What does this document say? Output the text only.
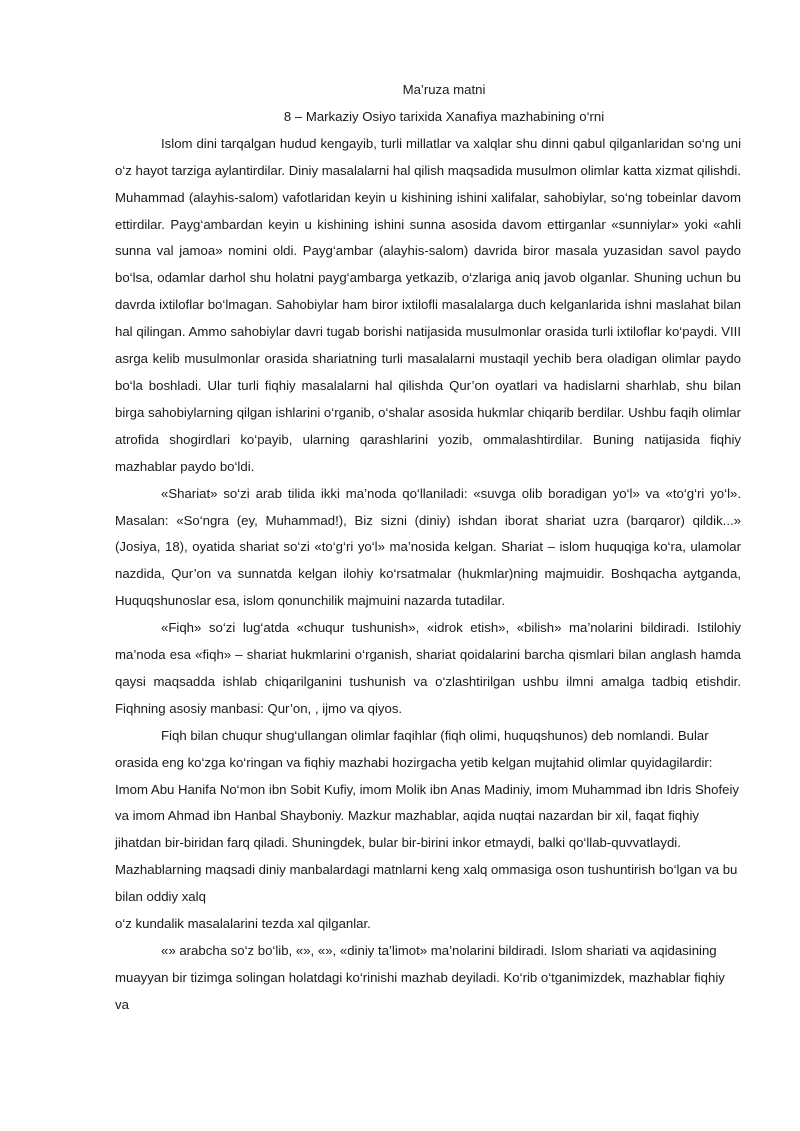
Ma’ruza matni

8 – Markaziy Osiyo tarixida Xanafiya mazhabining o‘rni

Islom dini tarqalgan hudud kengayib, turli millatlar va xalqlar shu dinni qabul qilganlaridan so‘ng uni o‘z hayot tarziga aylantirdilar. Diniy masalalarni hal qilish maqsadida musulmon olimlar katta xizmat qilishdi. Muhammad (alayhis-salom) vafotlaridan keyin u kishining ishini xalifalar, sahobiylar, so‘ng tobeinlar davom ettirdilar. Payg‘ambardan keyin u kishining ishini sunna asosida davom ettirganlar «sunniylar» yoki «ahli sunna val jamoa» nomini oldi. Payg‘ambar (alayhis-salom) davrida biror masala yuzasidan savol paydo bo‘lsa, odamlar darhol shu holatni payg‘ambarga yetkazib, o‘zlariga aniq javob olganlar. Shuning uchun bu davrda ixtiloflar bo‘lmagan. Sahobiylar ham biror ixtilofli masalalarga duch kelganlarida ishni maslahat bilan hal qilingan. Ammo sahobiylar davri tugab borishi natijasida musulmonlar orasida turli ixtiloflar ko‘paydi. VIII asrga kelib musulmonlar orasida shariatning turli masalalarni mustaqil yechib bera oladigan olimlar paydo bo‘la boshladi. Ular turli fiqhiy masalalarni hal qilishda Qur’on oyatlari va hadislarni sharhlab, shu bilan birga sahobiylarning qilgan ishlarini o‘rganib, o‘shalar asosida hukmlar chiqarib berdilar. Ushbu faqih olimlar atrofida shogirdlari ko‘payib, ularning qarashlarini yozib, ommalashtirdilar. Buning natijasida fiqhiy mazhablar paydo bo‘ldi.

«Shariat» so‘zi arab tilida ikki ma’noda qo‘llaniladi: «suvga olib boradigan yo‘l» va «to‘g‘ri yo‘l». Masalan: «So‘ngra (ey, Muhammad!), Biz sizni (diniy) ishdan iborat shariat uzra (barqaror) qildik...» (Josiya, 18), oyatida shariat so‘zi «to‘g‘ri yo‘l» ma’nosida kelgan. Shariat – islom huquqiga ko‘ra, ulamolar nazdida, Qur’on va sunnatda kelgan ilohiy ko‘rsatmalar (hukmlar)ning majmuidir. Boshqacha aytganda, Huquqshunoslar esa, islom qonunchilik majmuini nazarda tutadilar.

«Fiqh» so‘zi lug‘atda «chuqur tushunish», «idrok etish», «bilish» ma’nolarini bildiradi. Istilohiy ma’noda esa «fiqh» – shariat hukmlarini o‘rganish, shariat qoidalarini barcha qismlari bilan anglash hamda qaysi maqsadda ishlab chiqarilganini tushunish va o‘zlashtirilgan ushbu ilmni amalga tadbiq etishdir. Fiqhning asosiy manbasi: Qur’on, , ijmo va qiyos.

Fiqh bilan chuqur shug‘ullangan olimlar faqihlar (fiqh olimi, huquqshunos) deb nomlandi. Bular orasida eng ko‘zga ko‘ringan va fiqhiy mazhabi hozirgacha yetib kelgan mujtahid olimlar quyidagilardir: Imom Abu Hanifa No‘mon ibn Sobit Kufiy, imom Molik ibn Anas Madiniy, imom Muhammad ibn Idris Shofeiy va imom Ahmad ibn Hanbal Shayboniy. Mazkur mazhablar, aqida nuqtai nazardan bir xil, faqat fiqhiy jihatdan bir-biridan farq qiladi. Shuningdek, bular bir-birini inkor etmaydi, balki qo‘llab-quvvatlaydi. Mazhablarning maqsadi diniy manbalardagi matnlarni keng xalq ommasiga oson tushuntirish bo‘lgan va bu bilan oddiy xalq

o‘z kundalik masalalarini tezda xal qilganlar.

«» arabcha so‘z bo‘lib, «», «», «diniy ta’limot» ma’nolarini bildiradi. Islom shariati va aqidasining muayyan bir tizimga solingan holatdagi ko‘rinishi mazhab deyiladi. Ko‘rib o‘tganimizdek, mazhablar fiqhiy va
